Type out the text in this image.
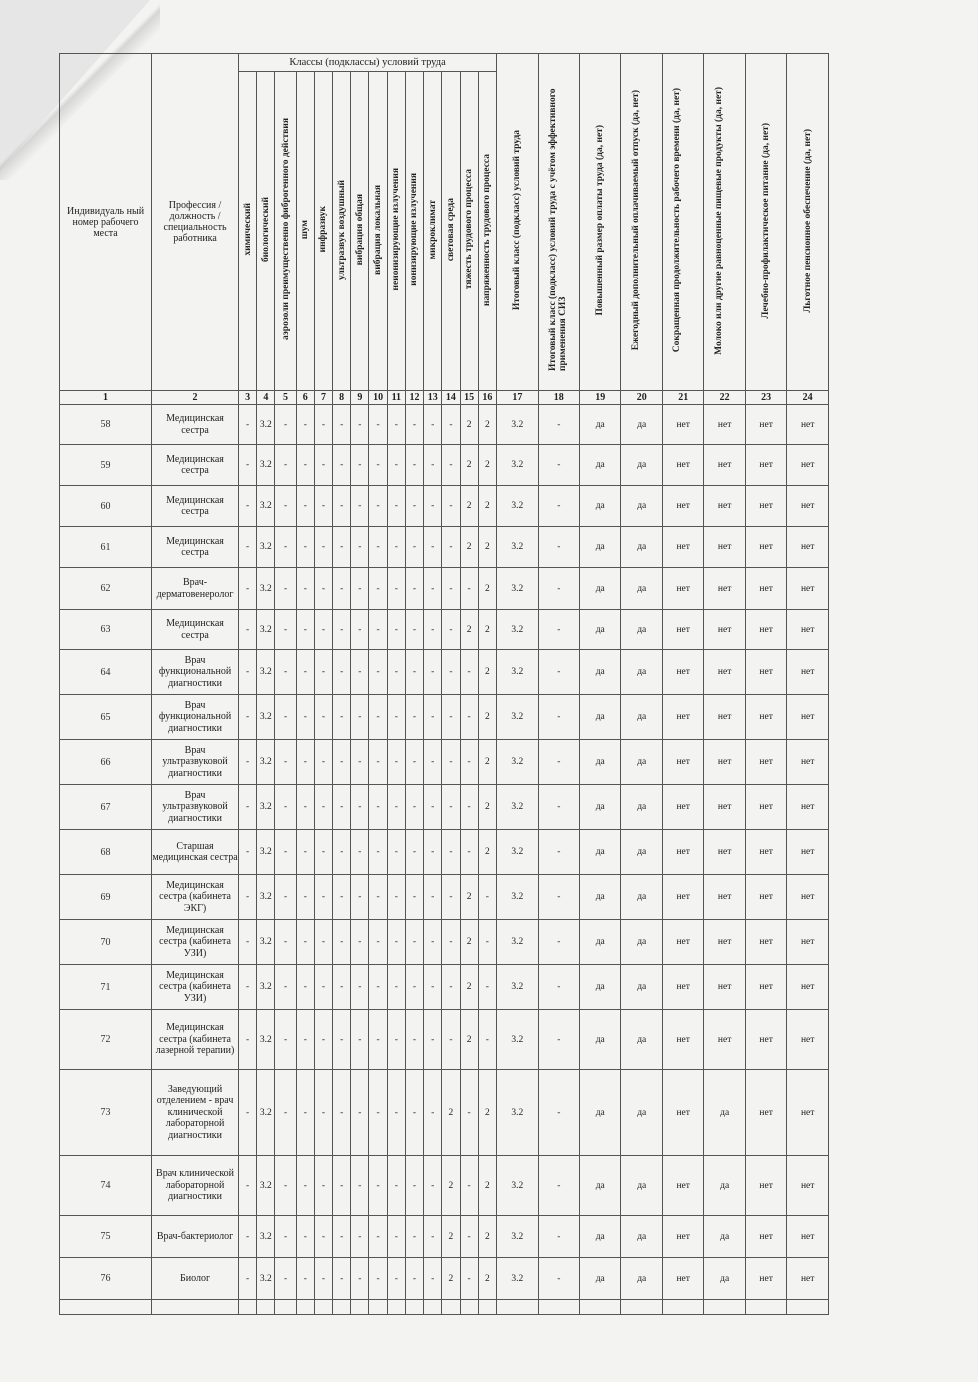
Индивидуаль ный номер рабочего места	Профессия / должность / специальность работника	Классы (подклассы) условий труда														Итоговый класс (подкласс) условий труда	Итоговый класс (подкласс) условий труда с учётом эффективного применения СИЗ	Повышенный размер оплаты труда (да, нет)	Ежегодный дополнительный оплачиваемый отпуск (да, нет)	Сокращенная продолжительность рабочего времени (да, нет)	Молоко или другие равноценные пищевые продукты (да, нет)	Лечебно-профилактическое питание (да, нет)	Льготное пенсионное обеспечение (да, нет)
		химический	биологический	аэрозоли преимущественно фиброгенного действия	шум	инфразвук	ультразвук воздушный	вибрация общая	вибрация локальная	неионизирующие излучения	ионизирующие излучения	микроклимат	световая среда	тяжесть трудового процесса	напряженность трудового процесса								
1	2	3	4	5	6	7	8	9	10	11	12	13	14	15	16	17	18	19	20	21	22	23	24
58	Медицинская сестра	-	3.2	-	-	-	-	-	-	-	-	-	-	2	2	3.2	-	да	да	нет	нет	нет	нет
59	Медицинская сестра	-	3.2	-	-	-	-	-	-	-	-	-	-	2	2	3.2	-	да	да	нет	нет	нет	нет
60	Медицинская сестра	-	3.2	-	-	-	-	-	-	-	-	-	-	2	2	3.2	-	да	да	нет	нет	нет	нет
61	Медицинская сестра	-	3.2	-	-	-	-	-	-	-	-	-	-	2	2	3.2	-	да	да	нет	нет	нет	нет
62	Врач-дерматовенеролог	-	3.2	-	-	-	-	-	-	-	-	-	-	-	2	3.2	-	да	да	нет	нет	нет	нет
63	Медицинская сестра	-	3.2	-	-	-	-	-	-	-	-	-	-	2	2	3.2	-	да	да	нет	нет	нет	нет
64	Врач функциональной диагностики	-	3.2	-	-	-	-	-	-	-	-	-	-	-	2	3.2	-	да	да	нет	нет	нет	нет
65	Врач функциональной диагностики	-	3.2	-	-	-	-	-	-	-	-	-	-	-	2	3.2	-	да	да	нет	нет	нет	нет
66	Врач ультразвуковой диагностики	-	3.2	-	-	-	-	-	-	-	-	-	-	-	2	3.2	-	да	да	нет	нет	нет	нет
67	Врач ультразвуковой диагностики	-	3.2	-	-	-	-	-	-	-	-	-	-	-	2	3.2	-	да	да	нет	нет	нет	нет
68	Старшая медицинская сестра	-	3.2	-	-	-	-	-	-	-	-	-	-	-	2	3.2	-	да	да	нет	нет	нет	нет
69	Медицинская сестра (кабинета ЭКГ)	-	3.2	-	-	-	-	-	-	-	-	-	-	2	-	3.2	-	да	да	нет	нет	нет	нет
70	Медицинская сестра (кабинета УЗИ)	-	3.2	-	-	-	-	-	-	-	-	-	-	2	-	3.2	-	да	да	нет	нет	нет	нет
71	Медицинская сестра (кабинета УЗИ)	-	3.2	-	-	-	-	-	-	-	-	-	-	2	-	3.2	-	да	да	нет	нет	нет	нет
72	Медицинская сестра (кабинета лазерной терапии)	-	3.2	-	-	-	-	-	-	-	-	-	-	2	-	3.2	-	да	да	нет	нет	нет	нет
73	Заведующий отделением - врач клинической лабораторной диагностики	-	3.2	-	-	-	-	-	-	-	-	-	2	-	2	3.2	-	да	да	нет	да	нет	нет
74	Врач клинической лабораторной диагностики	-	3.2	-	-	-	-	-	-	-	-	-	2	-	2	3.2	-	да	да	нет	да	нет	нет
75	Врач-бактериолог	-	3.2	-	-	-	-	-	-	-	-	-	2	-	2	3.2	-	да	да	нет	да	нет	нет
76	Биолог	-	3.2	-	-	-	-	-	-	-	-	-	2	-	2	3.2	-	да	да	нет	да	нет	нет
